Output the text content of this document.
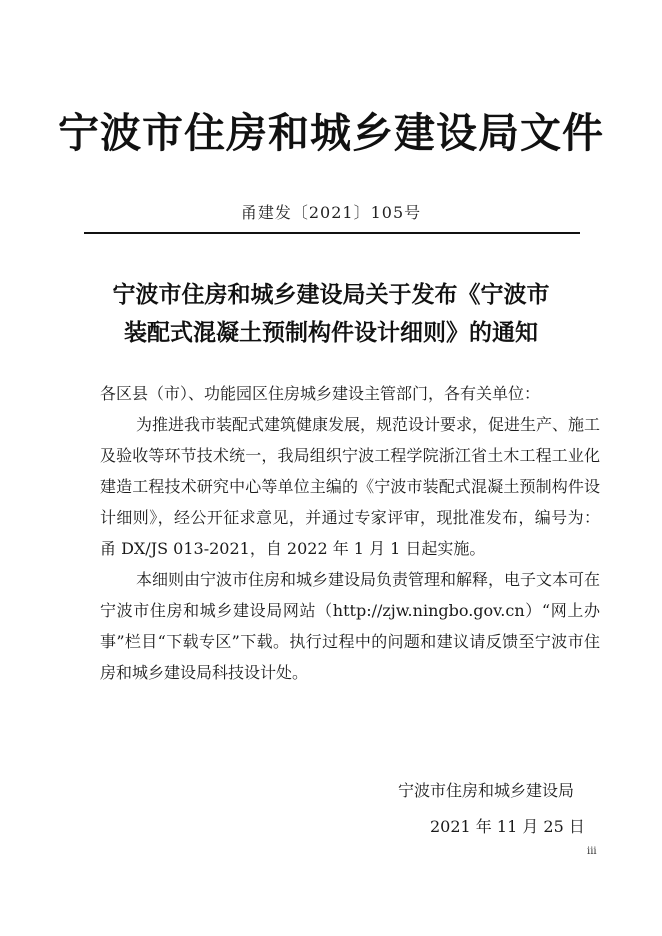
宁波市住房和城乡建设局文件
甬建发〔2021〕105号
宁波市住房和城乡建设局关于发布《宁波市
装配式混凝土预制构件设计细则》的通知

各区县（市）、功能园区住房城乡建设主管部门，各有关单位：

为推进我市装配式建筑健康发展，规范设计要求，促进生产、施工及验收等环节技术统一，我局组织宁波工程学院浙江省土木工程工业化建造工程技术研究中心等单位主编的《宁波市装配式混凝土预制构件设计细则》，经公开征求意见，并通过专家评审，现批准发布，编号为：甬 DX/JS 013-2021，自 2022 年 1 月 1 日起实施。

本细则由宁波市住房和城乡建设局负责管理和解释，电子文本可在宁波市住房和城乡建设局网站（http://zjw.ningbo.gov.cn）“网上办事”栏目“下载专区”下载。执行过程中的问题和建议请反馈至宁波市住房和城乡建设局科技设计处。

宁波市住房和城乡建设局
2021 年 11 月 25 日
iii
